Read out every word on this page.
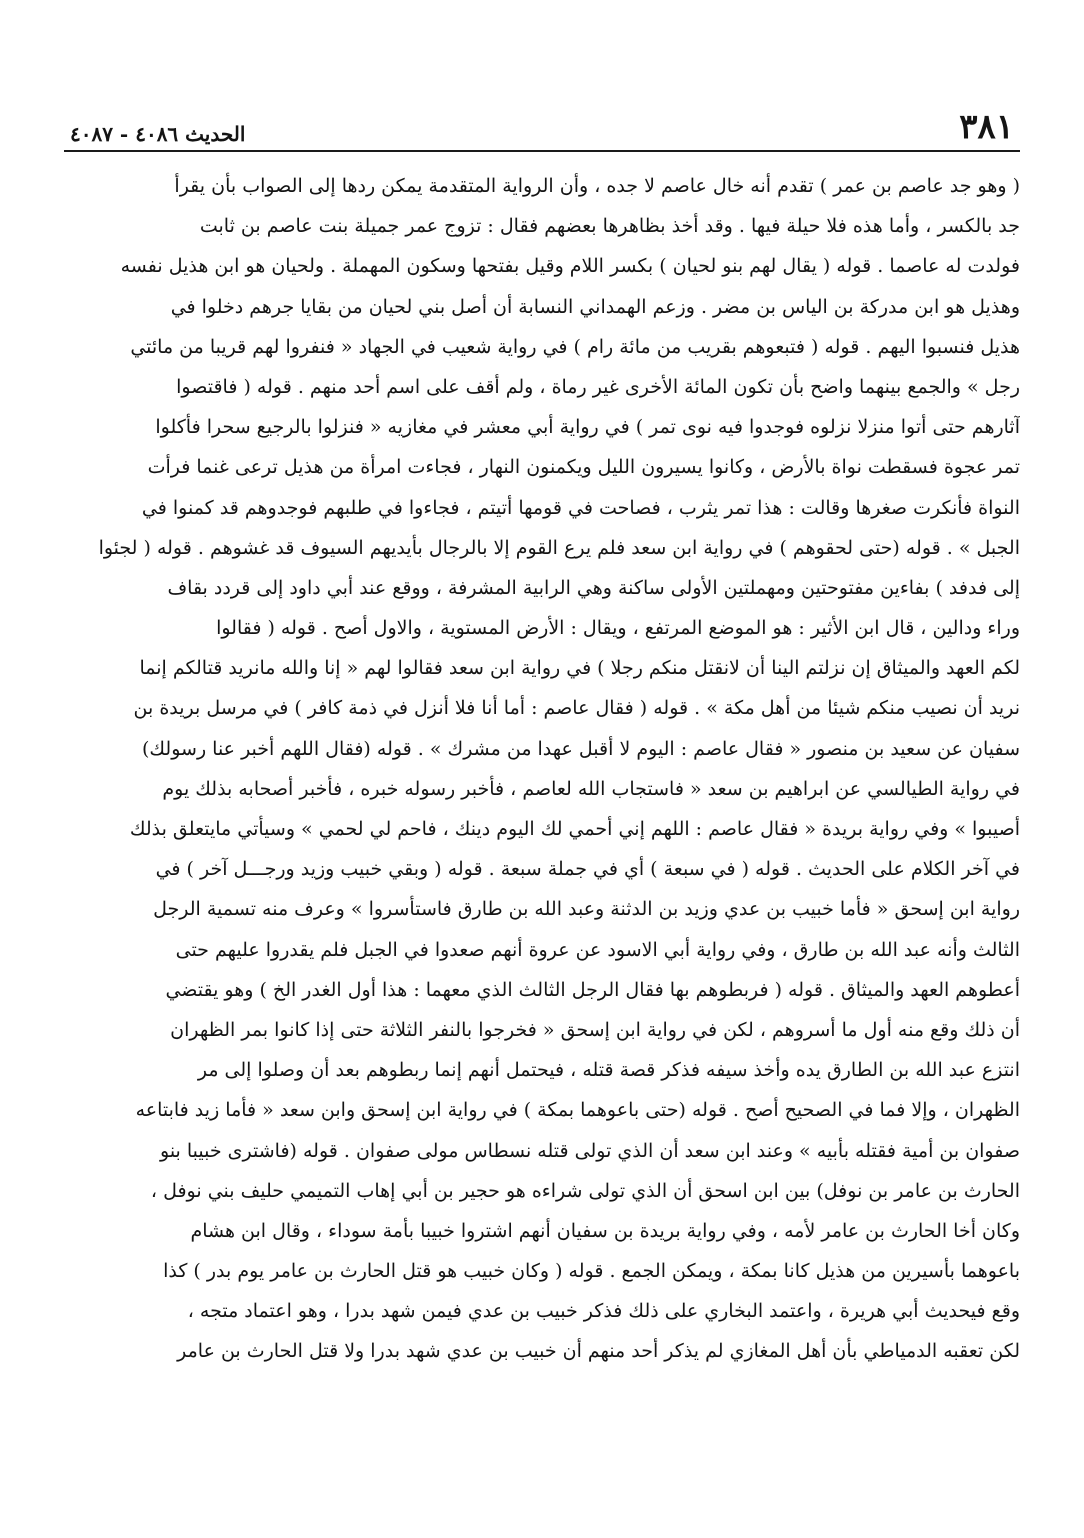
٣٨١
الحديث ٤٠٨٦ - ٤٠٨٧
( وهو جد عاصم بن عمر ) تقدم أنه خال عاصم لا جده ، وأن الرواية المتقدمة يمكن ردها إلى الصواب بأن يقرأ
جد بالكسر ، وأما هذه فلا حيلة فيها . وقد أخذ بظاهرها بعضهم فقال : تزوج عمر جميلة بنت عاصم بن ثابت
فولدت له عاصما . قوله ( يقال لهم بنو لحيان ) بكسر اللام وقيل بفتحها وسكون المهملة . ولحيان هو ابن هذيل نفسه
وهذيل هو ابن مدركة بن الياس بن مضر . وزعم الهمداني النسابة أن أصل بني لحيان من بقايا جرهم دخلوا في
هذيل فنسبوا اليهم . قوله ( فتبعوهم بقريب من مائة رام ) في رواية شعيب في الجهاد « فنفروا لهم قريبا من مائتي
رجل » والجمع بينهما واضح بأن تكون المائة الأخرى غير رماة ، ولم أقف على اسم أحد منهم . قوله ( فاقتصوا
آثارهم حتى أتوا منزلا نزلوه فوجدوا فيه نوى تمر ) في رواية أبي معشر في مغازيه « فنزلوا بالرجيع سحرا فأكلوا
تمر عجوة فسقطت نواة بالأرض ، وكانوا يسيرون الليل ويكمنون النهار ، فجاءت امرأة من هذيل ترعى غنما فرأت
النواة فأنكرت صغرها وقالت : هذا تمر يثرب ، فصاحت في قومها أتيتم ، فجاءوا في طلبهم فوجدوهم قد كمنوا في
الجبل » . قوله (حتى لحقوهم ) في رواية ابن سعد فلم يرع القوم إلا بالرجال بأيديهم السيوف قد غشوهم . قوله ( لجئوا
إلى فدفد ) بفاءين مفتوحتين ومهملتين الأولى ساكنة وهي الرابية المشرفة ، ووقع عند أبي داود إلى قردد بقاف
وراء ودالين ، قال ابن الأثير : هو الموضع المرتفع ، ويقال : الأرض المستوية ، والاول أصح . قوله ( فقالوا
لكم العهد والميثاق إن نزلتم الينا أن لانقتل منكم رجلا ) في رواية ابن سعد فقالوا لهم « إنا والله مانريد قتالكم إنما
نريد أن نصيب منكم شيئا من أهل مكة » . قوله ( فقال عاصم : أما أنا فلا أنزل في ذمة كافر ) في مرسل بريدة بن
سفيان عن سعيد بن منصور « فقال عاصم : اليوم لا أقبل عهدا من مشرك » . قوله (فقال اللهم أخبر عنا رسولك)
في رواية الطيالسي عن ابراهيم بن سعد « فاستجاب الله لعاصم ، فأخبر رسوله خبره ، فأخبر أصحابه بذلك يوم
أصيبوا » وفي رواية بريدة « فقال عاصم : اللهم إني أحمي لك اليوم دينك ، فاحم لي لحمي » وسيأتي مايتعلق بذلك
في آخر الكلام على الحديث . قوله ( في سبعة ) أي في جملة سبعة . قوله ( وبقي خبيب وزيد ورجـــل آخر ) في
رواية ابن إسحق « فأما خبيب بن عدي وزيد بن الدثنة وعبد الله بن طارق فاستأسروا » وعرف منه تسمية الرجل
الثالث وأنه عبد الله بن طارق ، وفي رواية أبي الاسود عن عروة أنهم صعدوا في الجبل فلم يقدروا عليهم حتى
أعطوهم العهد والميثاق . قوله ( فربطوهم بها فقال الرجل الثالث الذي معهما : هذا أول الغدر الخ ) وهو يقتضي
أن ذلك وقع منه أول ما أسروهم ، لكن في رواية ابن إسحق « فخرجوا بالنفر الثلاثة حتى إذا كانوا بمر الظهران
انتزع عبد الله بن الطارق يده وأخذ سيفه فذكر قصة قتله ، فيحتمل أنهم إنما ربطوهم بعد أن وصلوا إلى مر
الظهران ، وإلا فما في الصحيح أصح . قوله (حتى باعوهما بمكة ) في رواية ابن إسحق وابن سعد « فأما زيد فابتاعه
صفوان بن أمية فقتله بأبيه » وعند ابن سعد أن الذي تولى قتله نسطاس مولى صفوان . قوله (فاشترى خبيبا بنو
الحارث بن عامر بن نوفل) بين ابن اسحق أن الذي تولى شراءه هو حجير بن أبي إهاب التميمي حليف بني نوفل ،
وكان أخا الحارث بن عامر لأمه ، وفي رواية بريدة بن سفيان أنهم اشتروا خبيبا بأمة سوداء ، وقال ابن هشام
باعوهما بأسيرين من هذيل كانا بمكة ، ويمكن الجمع . قوله ( وكان خبيب هو قتل الحارث بن عامر يوم بدر ) كذا
وقع فيحديث أبي هريرة ، واعتمد البخاري على ذلك فذكر خبيب بن عدي فيمن شهد بدرا ، وهو اعتماد متجه ،
لكن تعقبه الدمياطي بأن أهل المغازي لم يذكر أحد منهم أن خبيب بن عدي شهد بدرا ولا قتل الحارث بن عامر
